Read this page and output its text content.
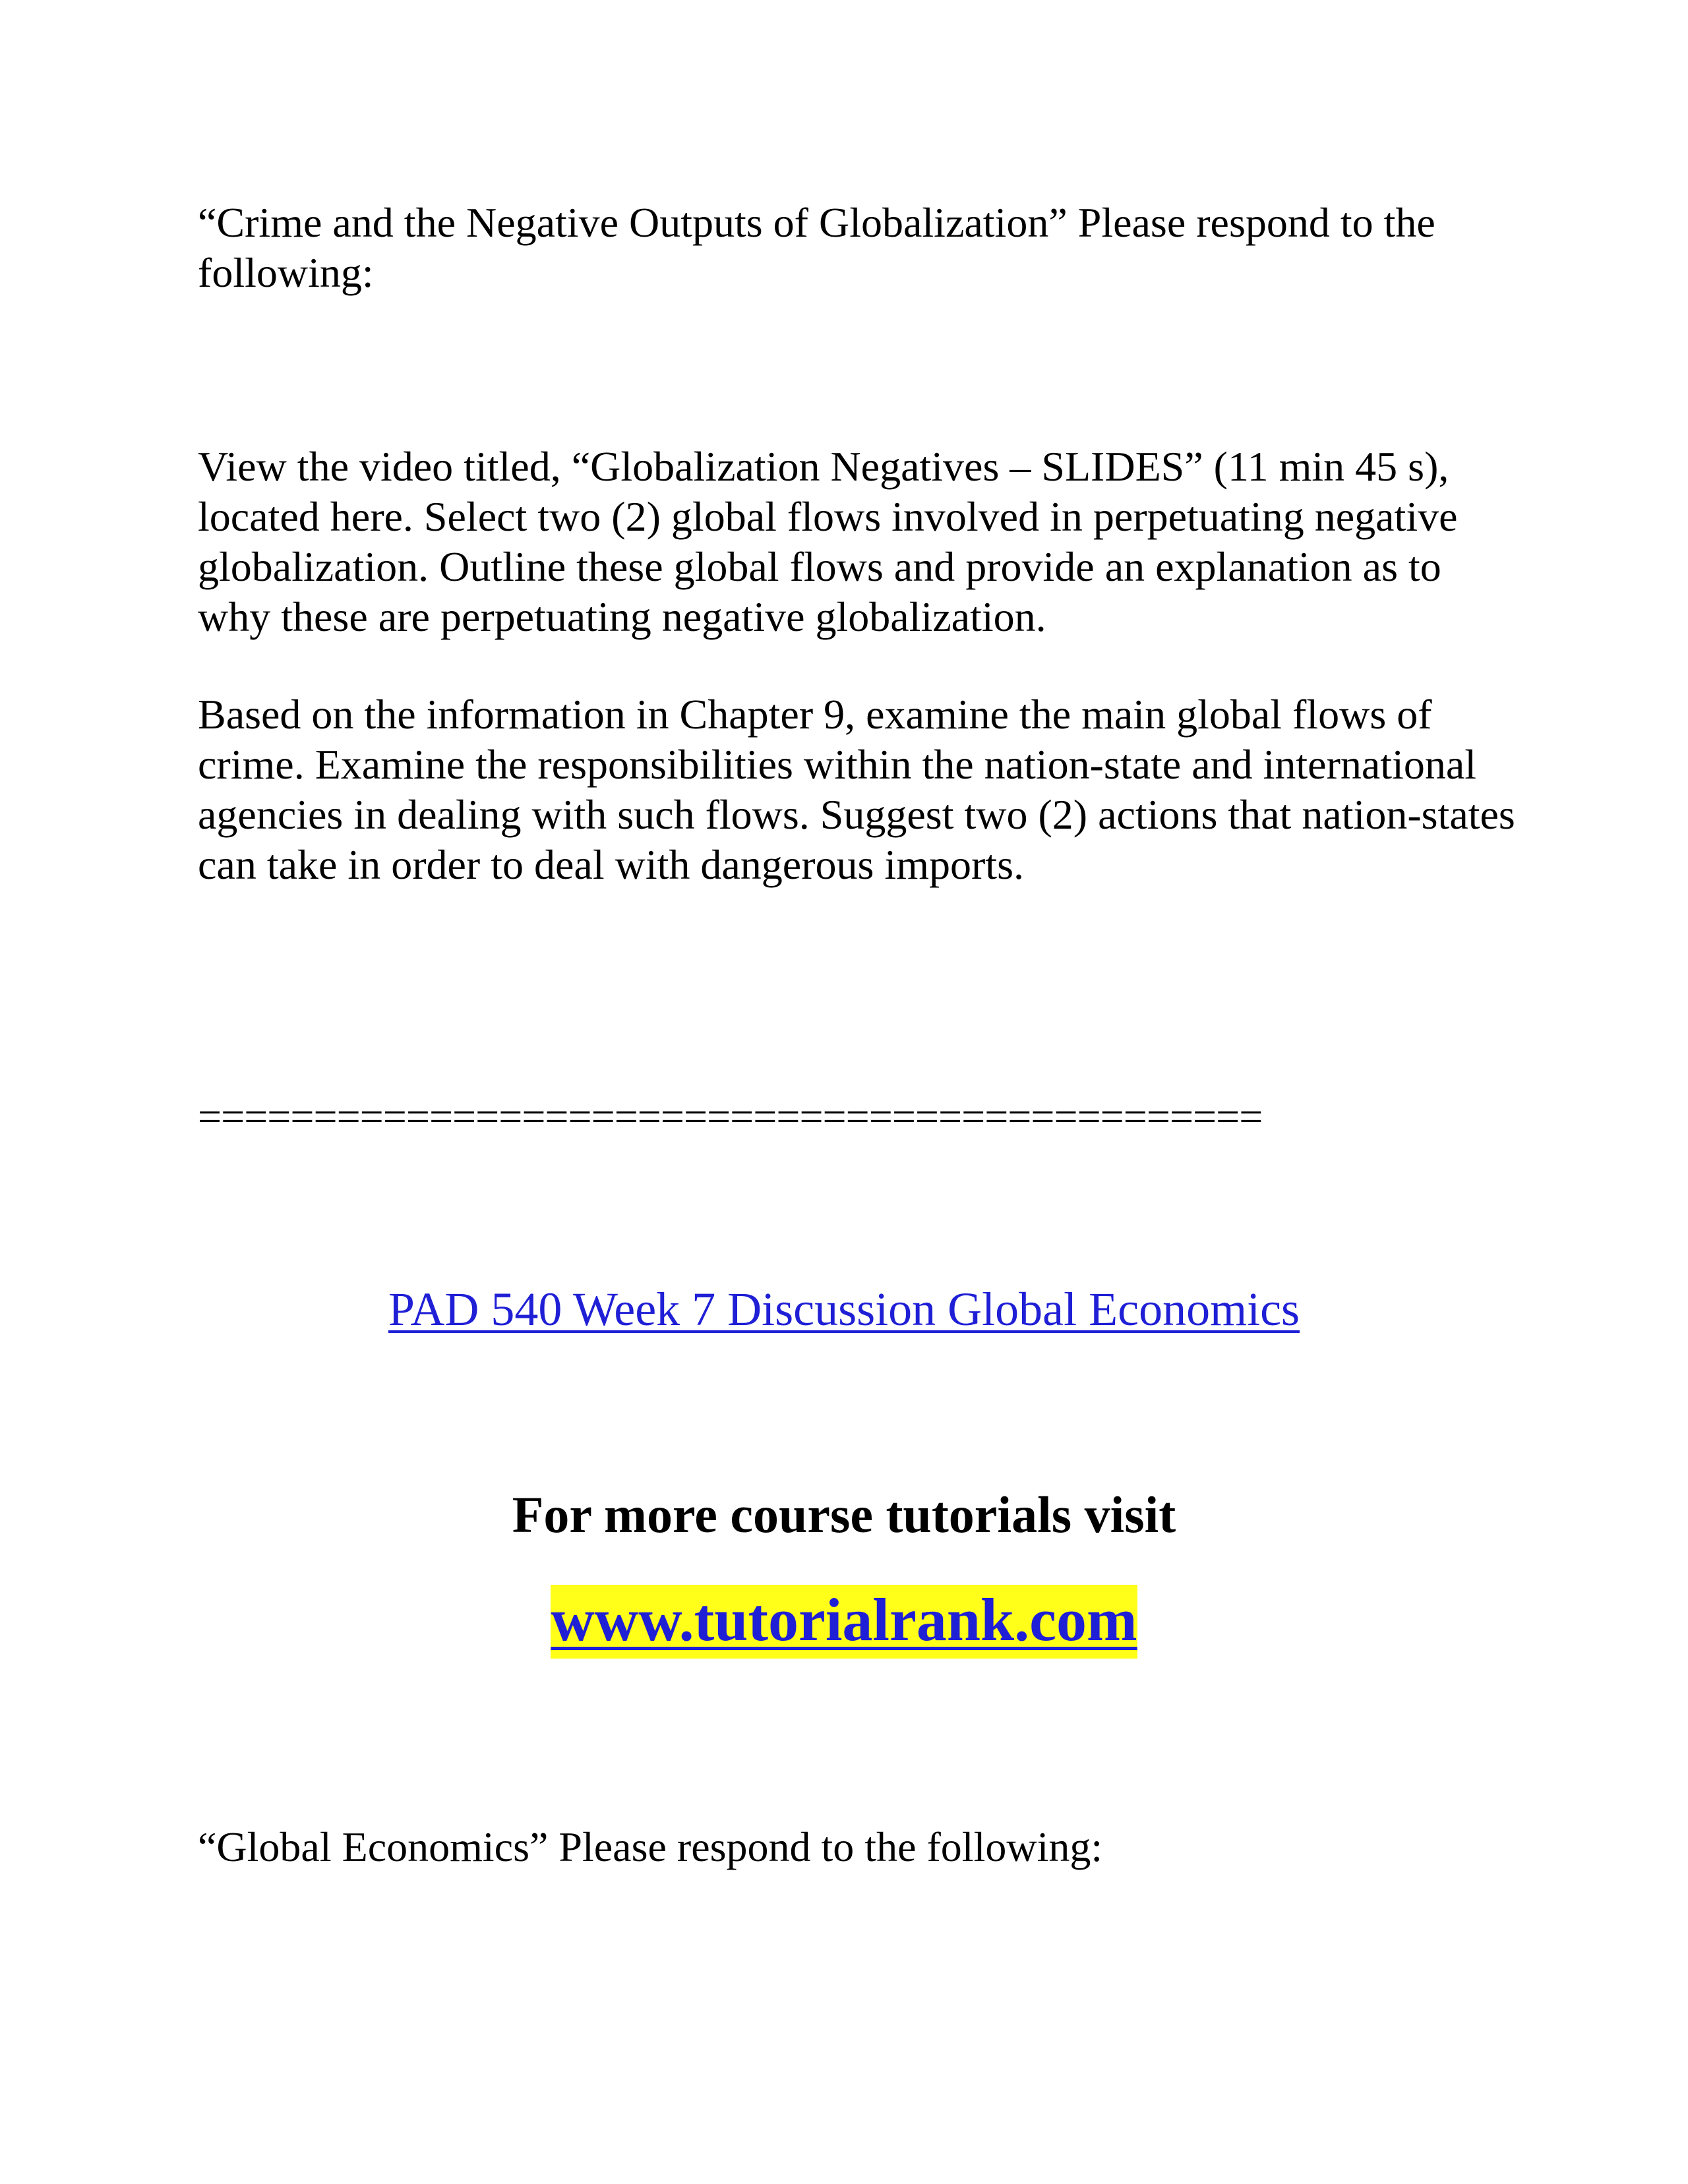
“Crime and the Negative Outputs of Globalization” Please respond to the following:

View the video titled, “Globalization Negatives – SLIDES” (11 min 45 s), located here. Select two (2) global flows involved in perpetuating negative globalization. Outline these global flows and provide an explanation as to why these are perpetuating negative globalization.

Based on the information in Chapter 9, examine the main global flows of crime. Examine the responsibilities within the nation-state and international agencies in dealing with such flows. Suggest two (2) actions that nation-states can take in order to deal with dangerous imports.

==============================================

PAD 540 Week 7 Discussion Global Economics

For more course tutorials visit

www.tutorialrank.com

“Global Economics” Please respond to the following:
